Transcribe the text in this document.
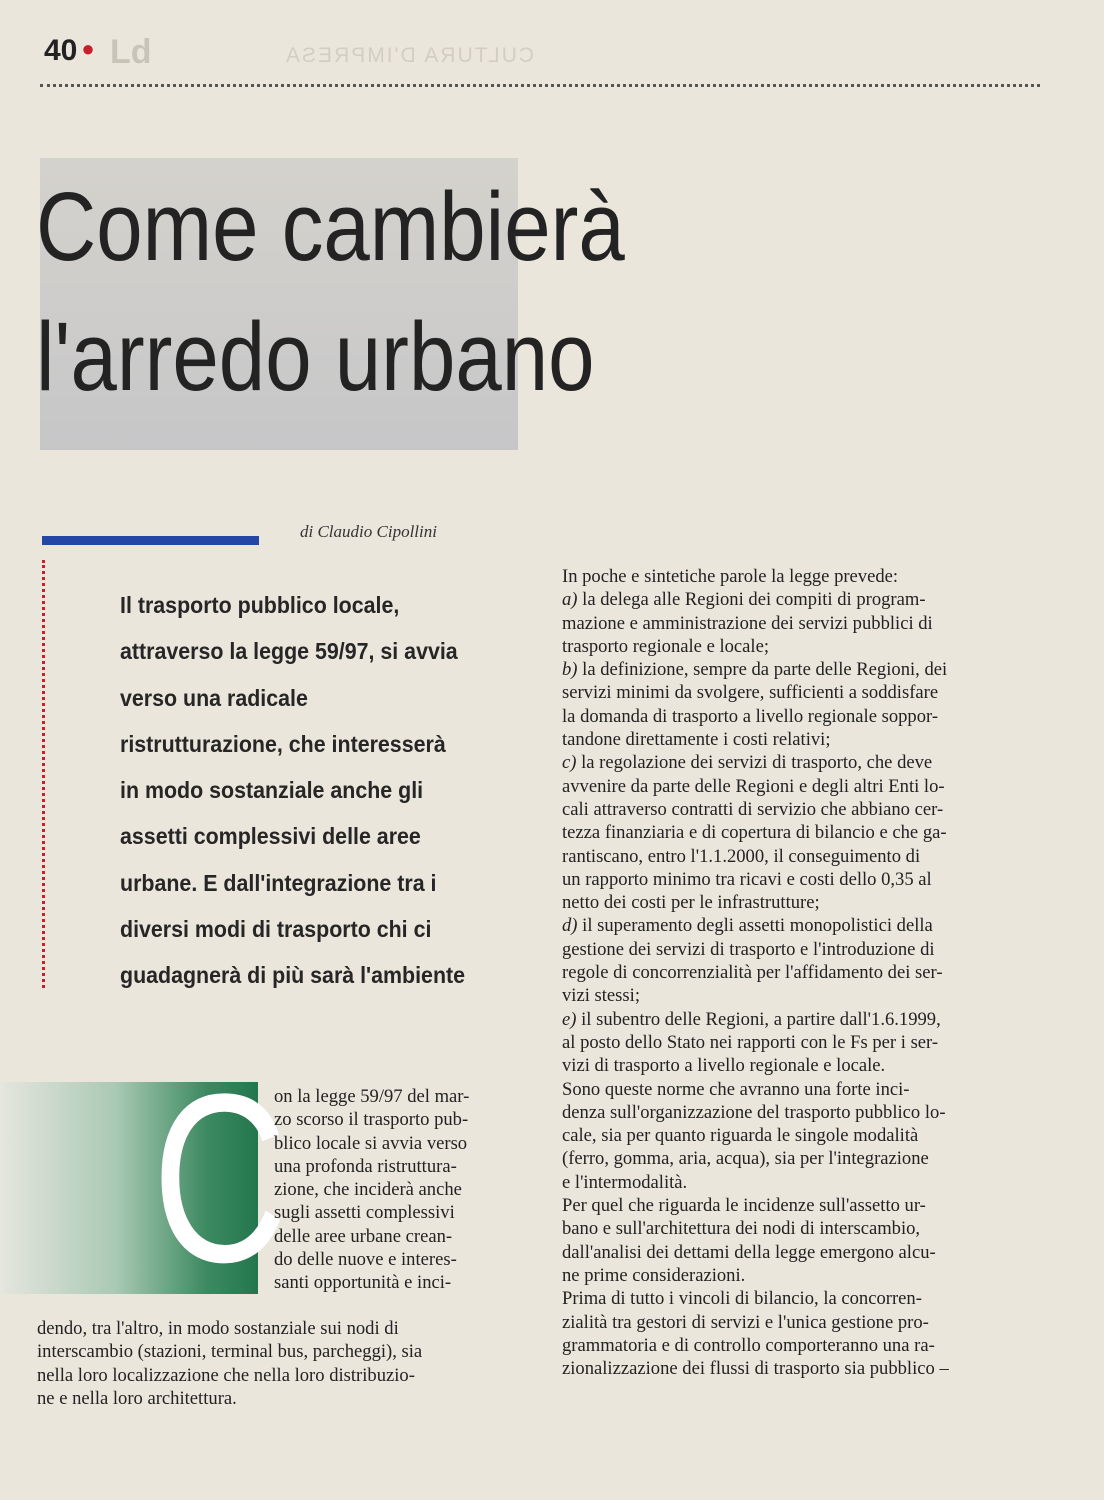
40 ● Ld	CULTURA D'IMPRESA
Come cambierà
l'arredo urbano
di Claudio Cipollini
Il trasporto pubblico locale,
attraverso la legge 59/97, si avvia
verso una radicale
ristrutturazione, che interesserà
in modo sostanziale anche gli
assetti complessivi delle aree
urbane. E dall'integrazione tra i
diversi modi di trasporto chi ci
guadagnerà di più sarà l'ambiente
C
on la legge 59/97 del mar-
zo scorso il trasporto pub-
blico locale si avvia verso
una profonda ristruttura-
zione, che inciderà anche
sugli assetti complessivi
delle aree urbane crean-
do delle nuove e interes-
santi opportunità e inci-
dendo, tra l'altro, in modo sostanziale sui nodi di
interscambio (stazioni, terminal bus, parcheggi), sia
nella loro localizzazione che nella loro distribuzio-
ne e nella loro architettura.
In poche e sintetiche parole la legge prevede:
a) la delega alle Regioni dei compiti di program-
mazione e amministrazione dei servizi pubblici di
trasporto regionale e locale;
b) la definizione, sempre da parte delle Regioni, dei
servizi minimi da svolgere, sufficienti a soddisfare
la domanda di trasporto a livello regionale soppor-
tandone direttamente i costi relativi;
c) la regolazione dei servizi di trasporto, che deve
avvenire da parte delle Regioni e degli altri Enti lo-
cali attraverso contratti di servizio che abbiano cer-
tezza finanziaria e di copertura di bilancio e che ga-
rantiscano, entro l'1.1.2000, il conseguimento di
un rapporto minimo tra ricavi e costi dello 0,35 al
netto dei costi per le infrastrutture;
d) il superamento degli assetti monopolistici della
gestione dei servizi di trasporto e l'introduzione di
regole di concorrenzialità per l'affidamento dei ser-
vizi stessi;
e) il subentro delle Regioni, a partire dall'1.6.1999,
al posto dello Stato nei rapporti con le Fs per i ser-
vizi di trasporto a livello regionale e locale.
Sono queste norme che avranno una forte inci-
denza sull'organizzazione del trasporto pubblico lo-
cale, sia per quanto riguarda le singole modalità
(ferro, gomma, aria, acqua), sia per l'integrazione
e l'intermodalità.
Per quel che riguarda le incidenze sull'assetto ur-
bano e sull'architettura dei nodi di interscambio,
dall'analisi dei dettami della legge emergono alcu-
ne prime considerazioni.
Prima di tutto i vincoli di bilancio, la concorren-
zialità tra gestori di servizi e l'unica gestione pro-
grammatoria e di controllo comporteranno una ra-
zionalizzazione dei flussi di trasporto sia pubblico –
